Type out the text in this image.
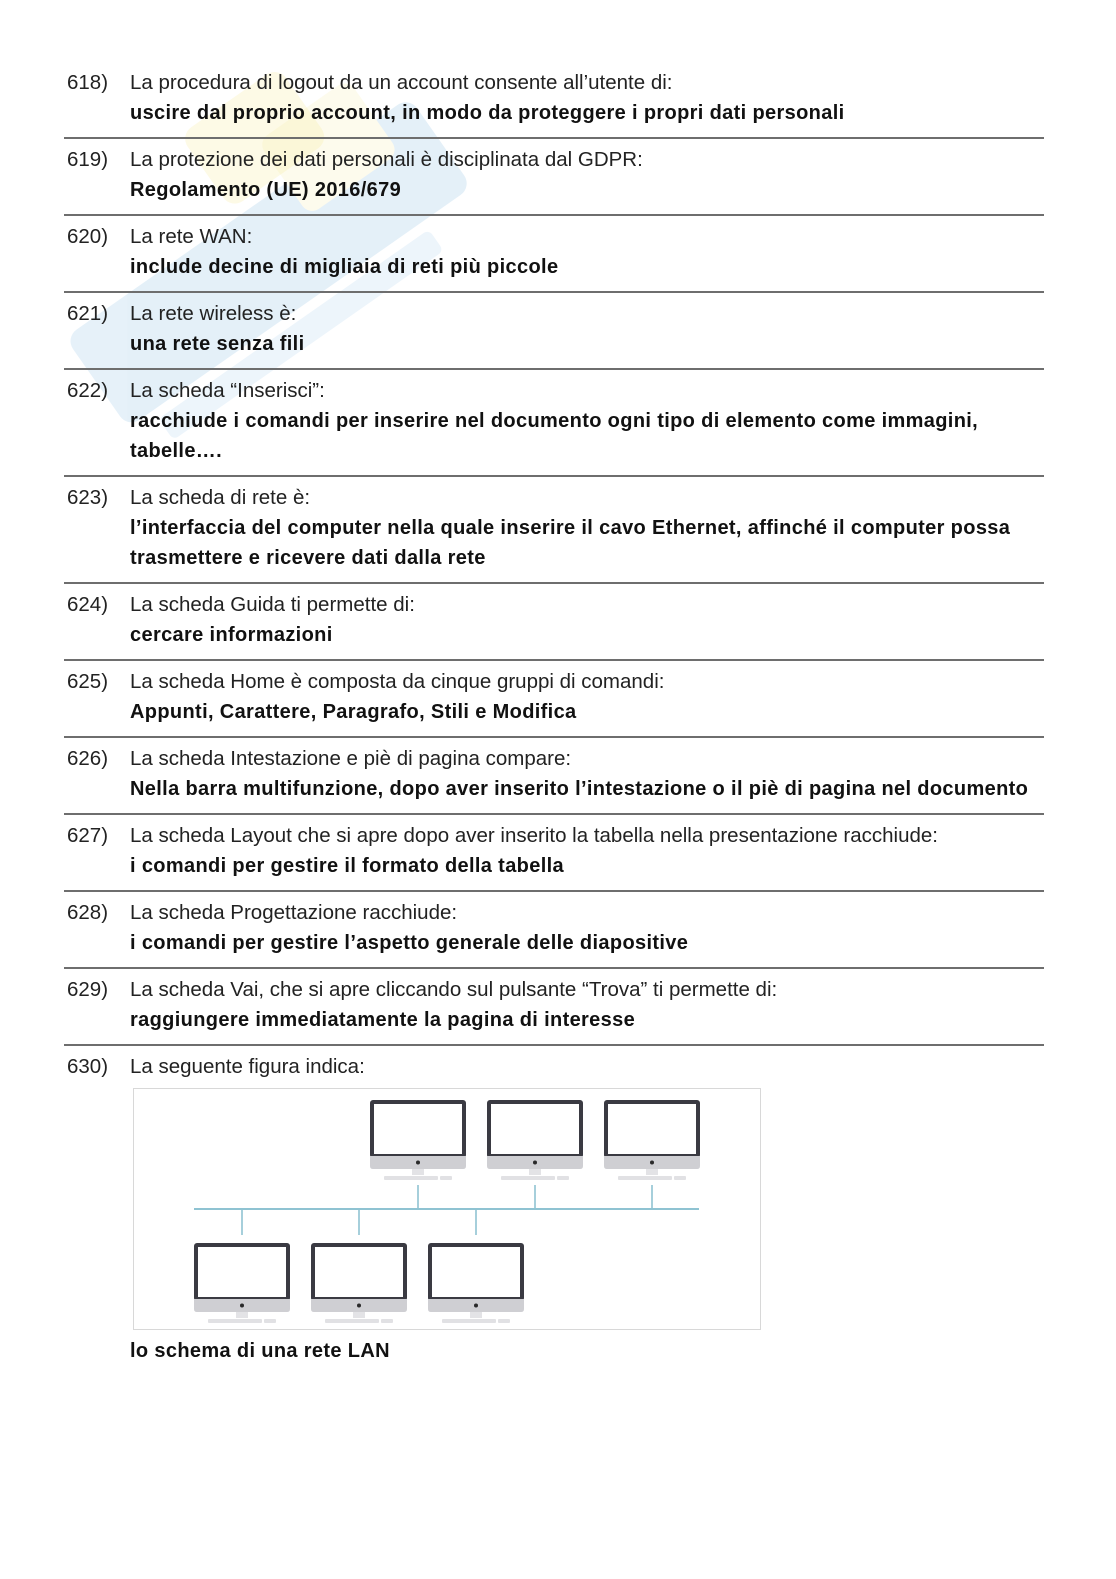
618)	La procedura di logout da un account consente all’utente di:
uscire dal proprio account, in modo da proteggere i propri dati personali
619)	La protezione dei dati personali è disciplinata dal GDPR:
Regolamento (UE) 2016/679
620)	La rete WAN:
include decine di migliaia di reti più piccole
621)	La rete wireless è:
una rete senza fili
622)	La scheda “Inserisci”:
racchiude i comandi per inserire nel documento ogni tipo di elemento come immagini, tabelle….
623)	La scheda di rete è:
l’interfaccia del computer nella quale inserire il cavo Ethernet, affinché il computer possa trasmettere e ricevere dati dalla rete
624)	La scheda Guida ti permette di:
cercare informazioni
625)	La scheda Home è composta da cinque gruppi di comandi:
Appunti, Carattere, Paragrafo, Stili e Modifica
626)	La scheda Intestazione e piè di pagina compare:
Nella barra multifunzione, dopo aver inserito l’intestazione o il piè di pagina nel documento
627)	La scheda Layout che si apre dopo aver inserito la tabella nella presentazione racchiude:
i comandi per gestire il formato della tabella
628)	La scheda Progettazione racchiude:
i comandi per gestire l’aspetto generale delle diapositive
629)	La scheda Vai, che si apre cliccando sul pulsante “Trova” ti permette di:
raggiungere immediatamente la pagina di interesse
630)	La seguente figura indica:
lo schema di una rete LAN
